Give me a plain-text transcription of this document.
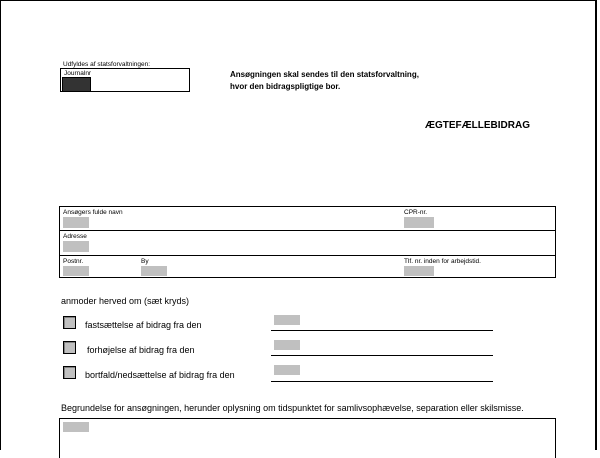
Udfyldes af statsforvaltningen:
Journalnr	Ansøgningen skal sendes til den statsforvaltning,
hvor den bidragspligtige bor.
ÆGTEFÆLLEBIDRAG
Ansøgers fulde navn	CPR-nr.
Adresse
Postnr.	By	Tlf. nr. inden for arbejdstid.
anmoder herved om (sæt kryds)
fastsættelse af bidrag fra den
forhøjelse af bidrag fra den
bortfald/nedsættelse af bidrag fra den
Begrundelse for ansøgningen, herunder oplysning om tidspunktet for samlivsophævelse, separation eller skilsmisse.
